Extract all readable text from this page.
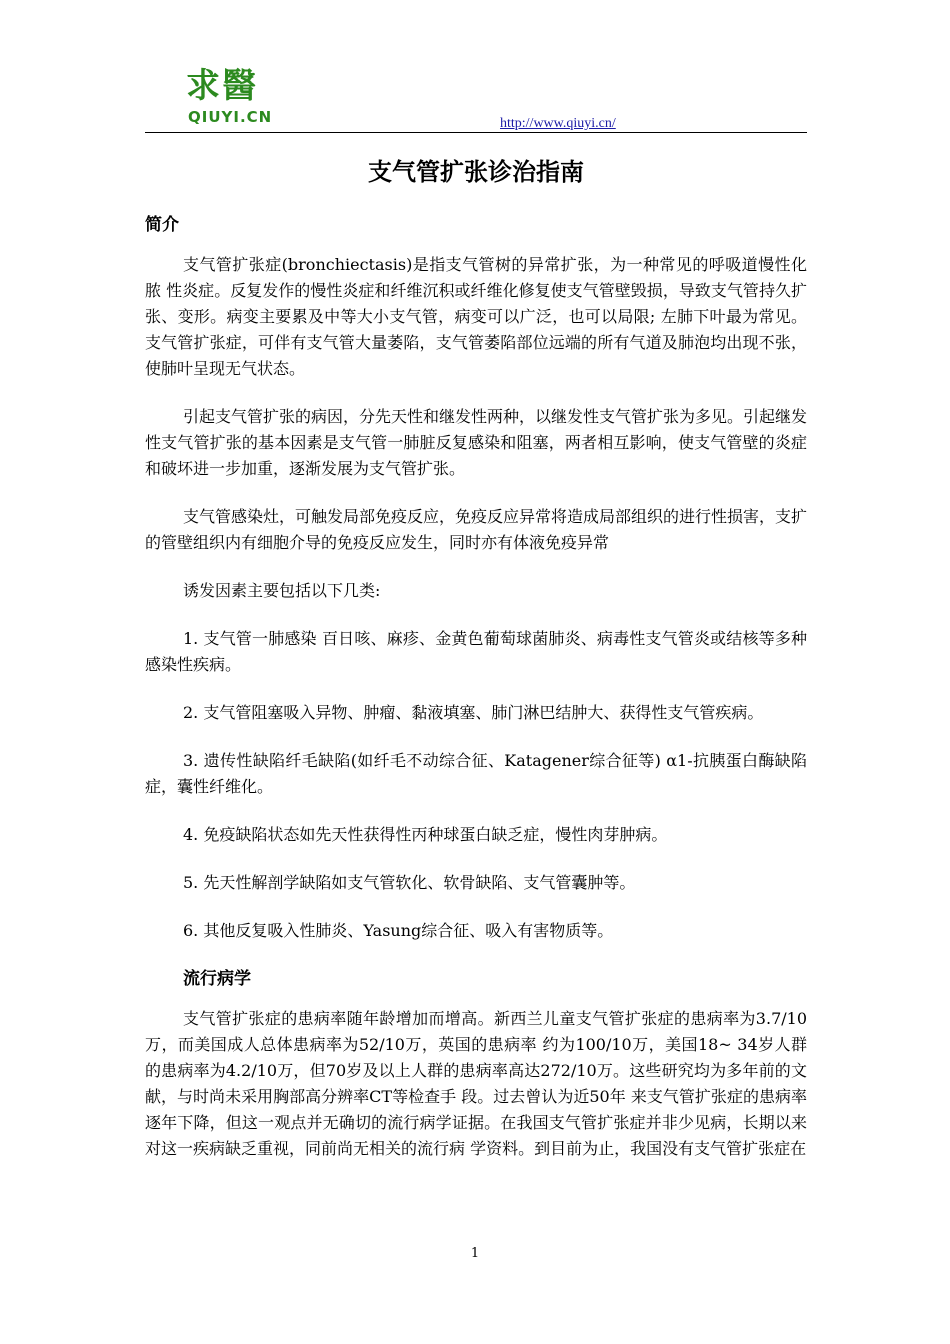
求醫
QIUYI.CN	http://www.qiuyi.cn/
支气管扩张诊治指南
简介

支气管扩张症(bronchiectasis)是指支气管树的异常扩张，为一种常见的呼吸道慢性化脓 性炎症。反复发作的慢性炎症和纤维沉积或纤维化修复使支气管壁毁损，导致支气管持久扩张、变形。病变主要累及中等大小支气管，病变可以广泛，也可以局限; 左肺下叶最为常见。支气管扩张症，可伴有支气管大量萎陷，支气管萎陷部位远端的所有气道及肺泡均出现不张，使肺叶呈现无气状态。

引起支气管扩张的病因，分先天性和继发性两种，以继发性支气管扩张为多见。引起继发性支气管扩张的基本因素是支气管一肺脏反复感染和阻塞，两者相互影响，使支气管壁的炎症和破坏进一步加重，逐渐发展为支气管扩张。

支气管感染灶，可触发局部免疫反应，免疫反应异常将造成局部组织的进行性损害，支扩的管壁组织内有细胞介导的免疫反应发生，同时亦有体液免疫异常

诱发因素主要包括以下几类:

1. 支气管一肺感染 百日咳、麻疹、金黄色葡萄球菌肺炎、病毒性支气管炎或结核等多种感染性疾病。

2. 支气管阻塞吸入异物、肿瘤、黏液填塞、肺门淋巴结肿大、获得性支气管疾病。

3. 遗传性缺陷纤毛缺陷(如纤毛不动综合征、Katagener综合征等) α1-抗胰蛋白酶缺陷症，囊性纤维化。

4. 免疫缺陷状态如先天性获得性丙种球蛋白缺乏症，慢性肉芽肿病。

5. 先天性解剖学缺陷如支气管软化、软骨缺陷、支气管囊肿等。

6. 其他反复吸入性肺炎、Yasung综合征、吸入有害物质等。

流行病学

支气管扩张症的患病率随年龄增加而增高。新西兰儿童支气管扩张症的患病率为3.7/10万，而美国成人总体患病率为52/10万，英国的患病率 约为100/10万，美国18~ 34岁人群的患病率为4.2/10万，但70岁及以上人群的患病率高达272/10万。这些研究均为多年前的文献，与时尚未采用胸部高分辨率CT等检查手 段。过去曾认为近50年 来支气管扩张症的患病率逐年下降，但这一观点并无确切的流行病学证据。在我国支气管扩张症并非少见病，长期以来对这一疾病缺乏重视，同前尚无相关的流行病 学资料。到目前为止，我国没有支气管扩张症在

1
